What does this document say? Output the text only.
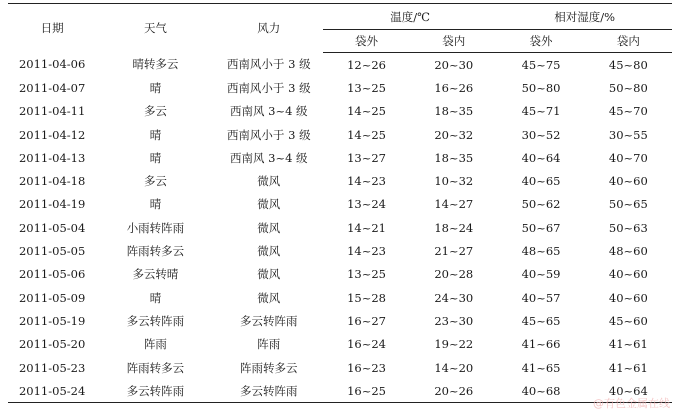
日期	天气	风力	温度/℃		相对湿度/%	
			袋外	袋内	袋外	袋内
2011-04-06	晴转多云	西南风小于 3 级	12~26	20~30	45~75	45~80
2011-04-07	晴	西南风小于 3 级	13~25	16~26	50~80	50~80
2011-04-11	多云	西南风 3~4 级	14~25	18~35	45~71	45~70
2011-04-12	晴	西南风小于 3 级	14~25	20~32	30~52	30~55
2011-04-13	晴	西南风 3~4 级	13~27	18~35	40~64	40~70
2011-04-18	多云	微风	14~23	10~32	40~65	40~60
2011-04-19	晴	微风	13~24	14~27	50~62	50~65
2011-05-04	小雨转阵雨	微风	14~21	18~24	50~67	50~63
2011-05-05	阵雨转多云	微风	14~23	21~27	48~65	48~60
2011-05-06	多云转晴	微风	13~25	20~28	40~59	40~60
2011-05-09	晴	微风	15~28	24~30	40~57	40~60
2011-05-19	多云转阵雨	多云转阵雨	16~27	23~30	45~65	45~60
2011-05-20	阵雨	阵雨	16~24	19~22	41~66	41~61
2011-05-23	阵雨转多云	阵雨转多云	16~23	14~20	41~65	41~61
2011-05-24	多云转阵雨	多云转阵雨	16~25	20~26	40~68	40~64
@有色金属在线
